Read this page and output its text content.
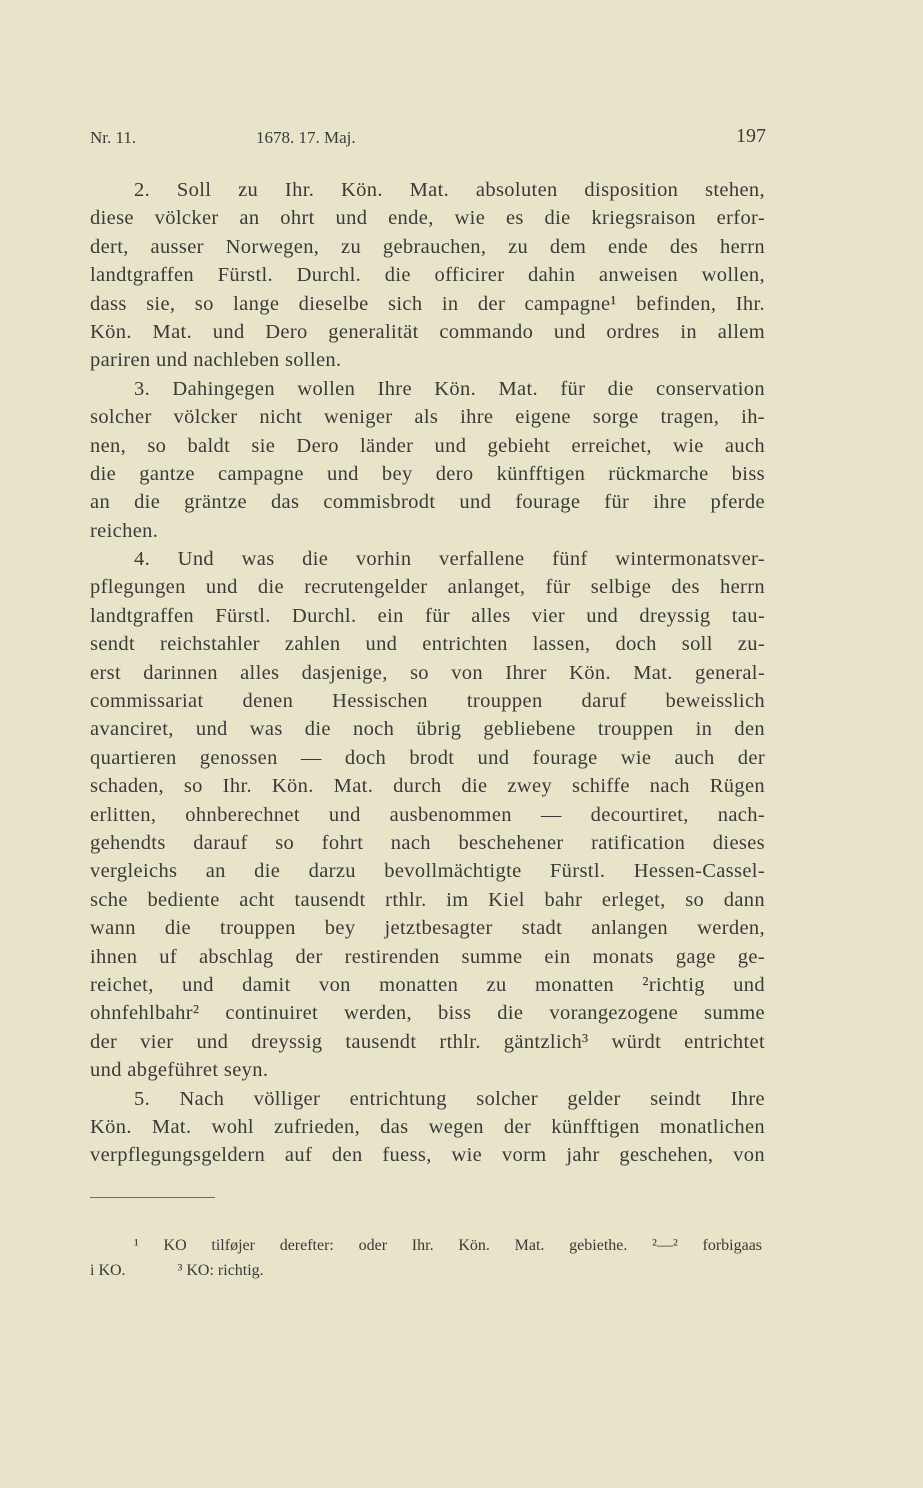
Nr. 11.	1678. 17. Maj.	197
2. Soll zu Ihr. Kön. Mat. absoluten disposition stehen,
diese völcker an ohrt und ende, wie es die kriegsraison erfor-
dert, ausser Norwegen, zu gebrauchen, zu dem ende des herrn
landtgraffen Fürstl. Durchl. die officirer dahin anweisen wollen,
dass sie, so lange dieselbe sich in der campagne¹ befinden, Ihr.
Kön. Mat. und Dero generalität commando und ordres in allem
pariren und nachleben sollen.
3. Dahingegen wollen Ihre Kön. Mat. für die conservation
solcher völcker nicht weniger als ihre eigene sorge tragen, ih-
nen, so baldt sie Dero länder und gebieht erreichet, wie auch
die gantze campagne und bey dero künfftigen rückmarche biss
an die gräntze das commisbrodt und fourage für ihre pferde
reichen.
4. Und was die vorhin verfallene fünf wintermonatsver-
pflegungen und die recrutengelder anlanget, für selbige des herrn
landtgraffen Fürstl. Durchl. ein für alles vier und dreyssig tau-
sendt reichstahler zahlen und entrichten lassen, doch soll zu-
erst darinnen alles dasjenige, so von Ihrer Kön. Mat. general-
commissariat denen Hessischen trouppen daruf beweisslich
avanciret, und was die noch übrig gebliebene trouppen in den
quartieren genossen — doch brodt und fourage wie auch der
schaden, so Ihr. Kön. Mat. durch die zwey schiffe nach Rügen
erlitten, ohnberechnet und ausbenommen — decourtiret, nach-
gehendts darauf so fohrt nach beschehener ratification dieses
vergleichs an die darzu bevollmächtigte Fürstl. Hessen-Cassel-
sche bediente acht tausendt rthlr. im Kiel bahr erleget, so dann
wann die trouppen bey jetztbesagter stadt anlangen werden,
ihnen uf abschlag der restirenden summe ein monats gage ge-
reichet, und damit von monatten zu monatten ²richtig und
ohnfehlbahr² continuiret werden, biss die vorangezogene summe
der vier und dreyssig tausendt rthlr. gäntzlich³ würdt entrichtet
und abgeführet seyn.
5. Nach völliger entrichtung solcher gelder seindt Ihre
Kön. Mat. wohl zufrieden, das wegen der künfftigen monatlichen
verpflegungsgeldern auf den fuess, wie vorm jahr geschehen, von
¹ KO tilføjer derefter: oder Ihr. Kön. Mat. gebiethe. ²—² forbigaas
i KO.	³ KO: richtig.
